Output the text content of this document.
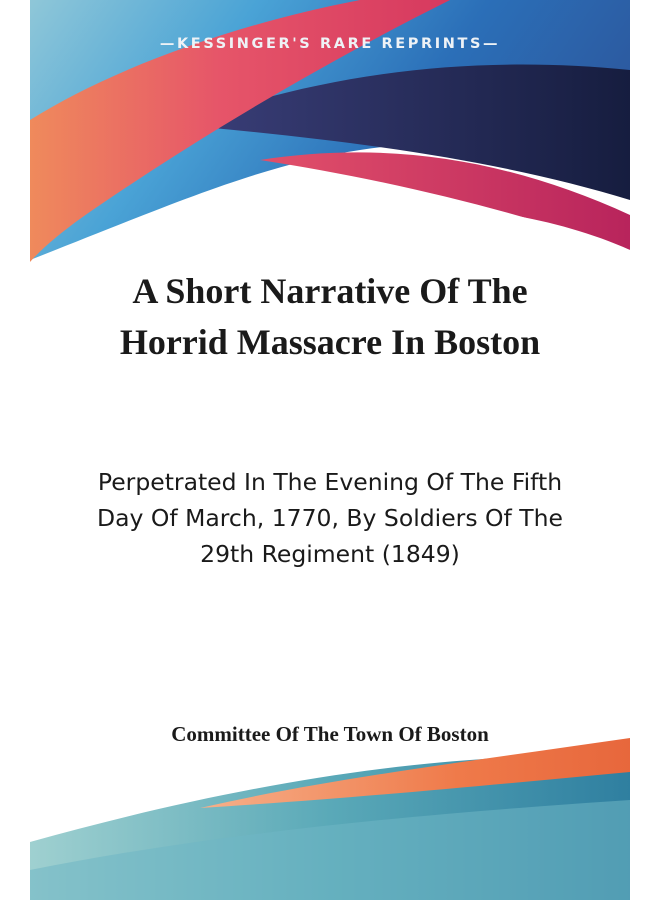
—KESSINGER'S RARE REPRINTS—
A Short Narrative Of The Horrid Massacre In Boston
Perpetrated In The Evening Of The Fifth Day Of March, 1770, By Soldiers Of The 29th Regiment (1849)
Committee Of The Town Of Boston
